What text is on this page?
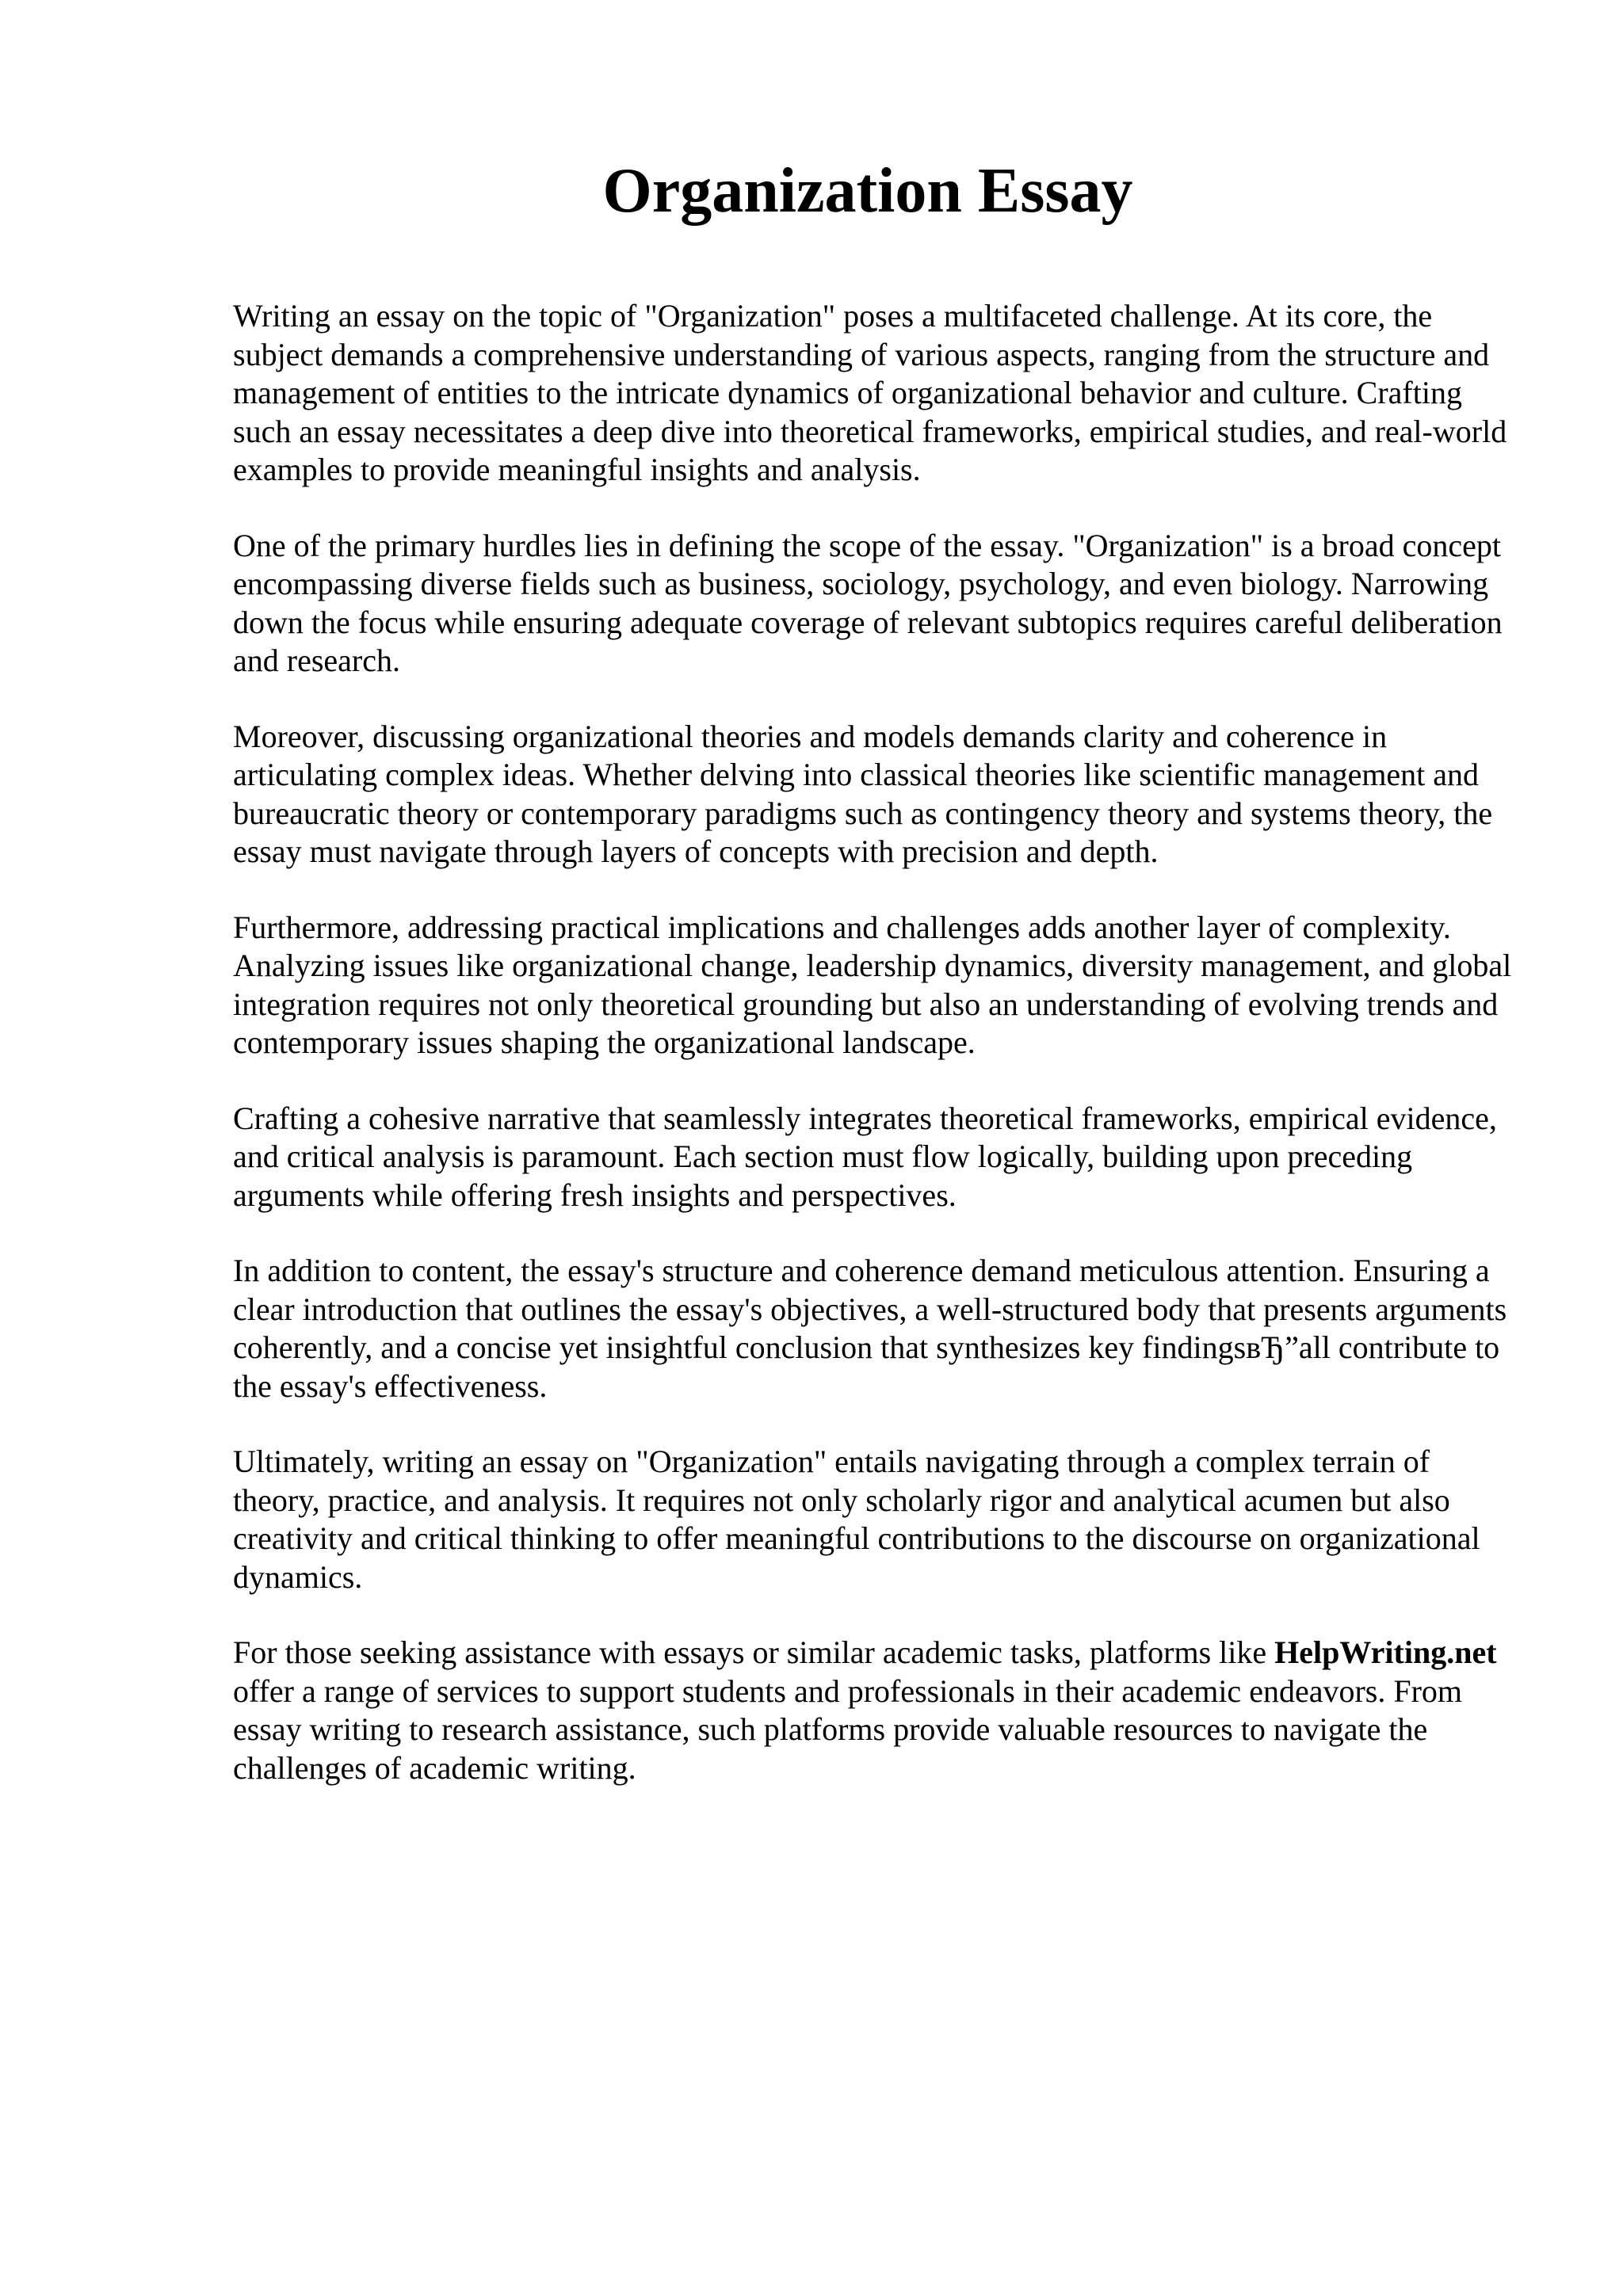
Organization Essay

Writing an essay on the topic of "Organization" poses a multifaceted challenge. At its core, the subject demands a comprehensive understanding of various aspects, ranging from the structure and management of entities to the intricate dynamics of organizational behavior and culture. Crafting such an essay necessitates a deep dive into theoretical frameworks, empirical studies, and real-world examples to provide meaningful insights and analysis.

One of the primary hurdles lies in defining the scope of the essay. "Organization" is a broad concept encompassing diverse fields such as business, sociology, psychology, and even biology. Narrowing down the focus while ensuring adequate coverage of relevant subtopics requires careful deliberation and research.

Moreover, discussing organizational theories and models demands clarity and coherence in articulating complex ideas. Whether delving into classical theories like scientific management and bureaucratic theory or contemporary paradigms such as contingency theory and systems theory, the essay must navigate through layers of concepts with precision and depth.

Furthermore, addressing practical implications and challenges adds another layer of complexity. Analyzing issues like organizational change, leadership dynamics, diversity management, and global integration requires not only theoretical grounding but also an understanding of evolving trends and contemporary issues shaping the organizational landscape.

Crafting a cohesive narrative that seamlessly integrates theoretical frameworks, empirical evidence, and critical analysis is paramount. Each section must flow logically, building upon preceding arguments while offering fresh insights and perspectives.

In addition to content, the essay's structure and coherence demand meticulous attention. Ensuring a clear introduction that outlines the essay's objectives, a well-structured body that presents arguments coherently, and a concise yet insightful conclusion that synthesizes key findingsвЂ”all contribute to the essay's effectiveness.

Ultimately, writing an essay on "Organization" entails navigating through a complex terrain of theory, practice, and analysis. It requires not only scholarly rigor and analytical acumen but also creativity and critical thinking to offer meaningful contributions to the discourse on organizational dynamics.

For those seeking assistance with essays or similar academic tasks, platforms like HelpWriting.net offer a range of services to support students and professionals in their academic endeavors. From essay writing to research assistance, such platforms provide valuable resources to navigate the challenges of academic writing.
